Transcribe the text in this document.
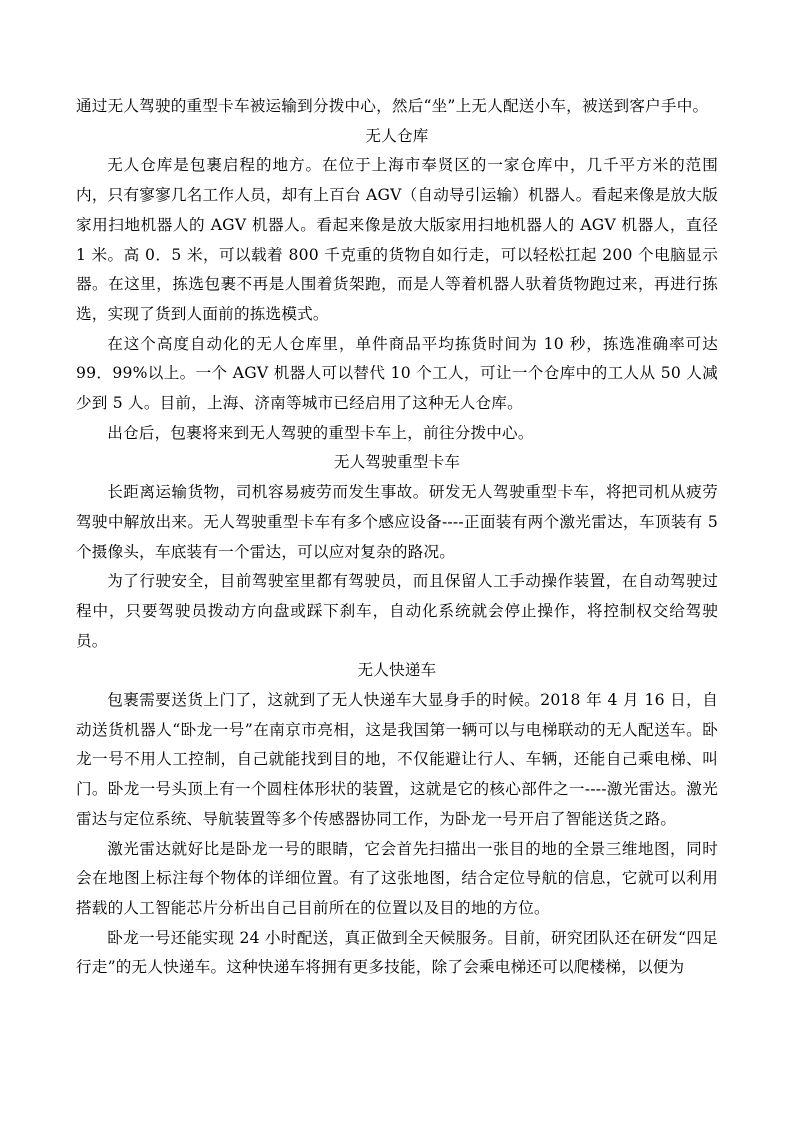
通过无人驾驶的重型卡车被运输到分拨中心，然后“坐”上无人配送小车，被送到客户手中。

无人仓库

无人仓库是包裹启程的地方。在位于上海市奉贤区的一家仓库中，几千平方米的范围内，只有寥寥几名工作人员，却有上百台 AGV（自动导引运输）机器人。看起来像是放大版家用扫地机器人的 AGV 机器人。看起来像是放大版家用扫地机器人的 AGV 机器人，直径 1 米。高 0．5 米，可以载着 800 千克重的货物自如行走，可以轻松扛起 200 个电脑显示器。在这里，拣选包裹不再是人围着货架跑，而是人等着机器人驮着货物跑过来，再进行拣选，实现了货到人面前的拣选模式。

在这个高度自动化的无人仓库里，单件商品平均拣货时间为 10 秒，拣选准确率可达 99．99%以上。一个 AGV 机器人可以替代 10 个工人，可让一个仓库中的工人从 50 人减少到 5 人。目前，上海、济南等城市已经启用了这种无人仓库。

出仓后，包裹将来到无人驾驶的重型卡车上，前往分拨中心。

无人驾驶重型卡车

长距离运输货物，司机容易疲劳而发生事故。研发无人驾驶重型卡车，将把司机从疲劳驾驶中解放出来。无人驾驶重型卡车有多个感应设备----正面装有两个激光雷达，车顶装有 5 个摄像头，车底装有一个雷达，可以应对复杂的路况。

为了行驶安全，目前驾驶室里都有驾驶员，而且保留人工手动操作装置，在自动驾驶过程中，只要驾驶员拨动方向盘或踩下刹车，自动化系统就会停止操作，将控制权交给驾驶员。

无人快递车

包裹需要送货上门了，这就到了无人快递车大显身手的时候。2018 年 4 月 16 日，自动送货机器人“卧龙一号”在南京市亮相，这是我国第一辆可以与电梯联动的无人配送车。卧龙一号不用人工控制，自己就能找到目的地，不仅能避让行人、车辆，还能自己乘电梯、叫门。卧龙一号头顶上有一个圆柱体形状的装置，这就是它的核心部件之一----激光雷达。激光雷达与定位系统、导航装置等多个传感器协同工作，为卧龙一号开启了智能送货之路。

激光雷达就好比是卧龙一号的眼睛，它会首先扫描出一张目的地的全景三维地图，同时会在地图上标注每个物体的详细位置。有了这张地图，结合定位导航的信息，它就可以利用搭载的人工智能芯片分析出自己目前所在的位置以及目的地的方位。

卧龙一号还能实现 24 小时配送，真正做到全天候服务。目前，研究团队还在研发“四足行走”的无人快递车。这种快递车将拥有更多技能，除了会乘电梯还可以爬楼梯，以便为
